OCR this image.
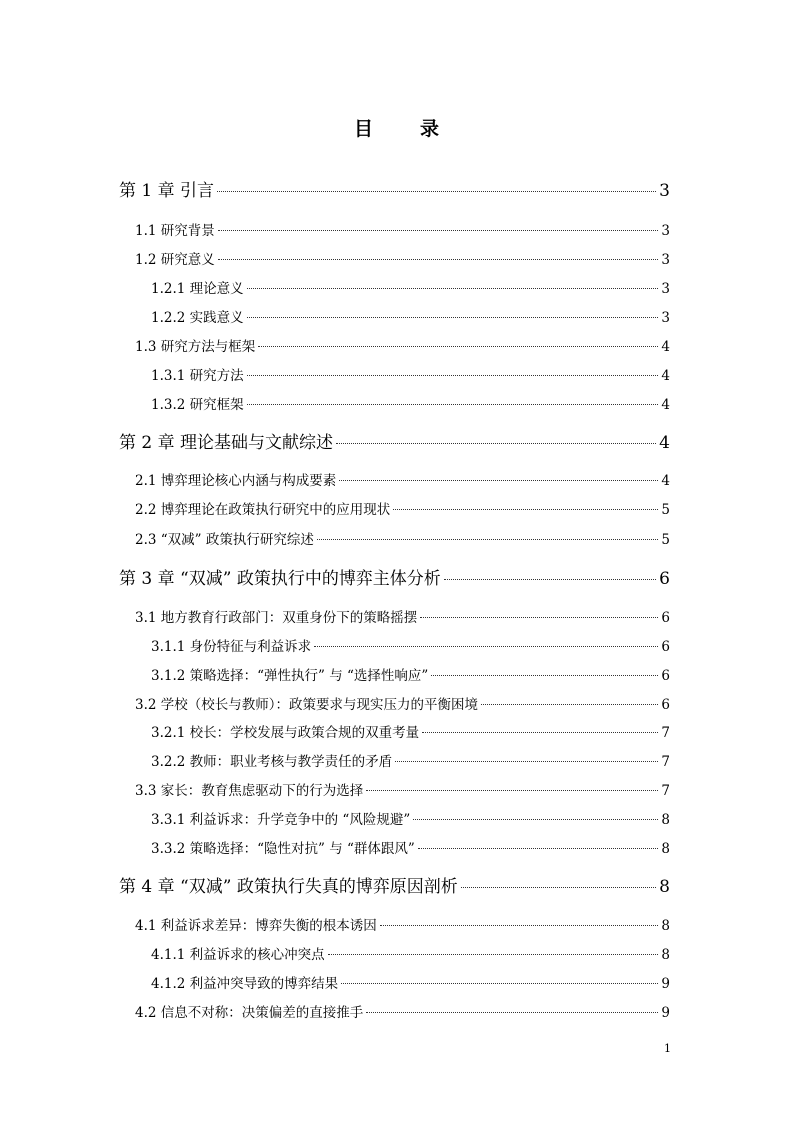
目　录
第 1 章 引言	3
1.1 研究背景	3
1.2 研究意义	3
1.2.1 理论意义	3
1.2.2 实践意义	3
1.3 研究方法与框架	4
1.3.1 研究方法	4
1.3.2 研究框架	4
第 2 章 理论基础与文献综述	4
2.1 博弈理论核心内涵与构成要素	4
2.2 博弈理论在政策执行研究中的应用现状	5
2.3 “双减” 政策执行研究综述	5
第 3 章 “双减” 政策执行中的博弈主体分析	6
3.1 地方教育行政部门：双重身份下的策略摇摆	6
3.1.1 身份特征与利益诉求	6
3.1.2 策略选择：“弹性执行” 与 “选择性响应”	6
3.2 学校（校长与教师）：政策要求与现实压力的平衡困境	6
3.2.1 校长：学校发展与政策合规的双重考量	7
3.2.2 教师：职业考核与教学责任的矛盾	7
3.3 家长：教育焦虑驱动下的行为选择	7
3.3.1 利益诉求：升学竞争中的 “风险规避”	8
3.3.2 策略选择：“隐性对抗” 与 “群体跟风”	8
第 4 章 “双减” 政策执行失真的博弈原因剖析	8
4.1 利益诉求差异：博弈失衡的根本诱因	8
4.1.1 利益诉求的核心冲突点	8
4.1.2 利益冲突导致的博弈结果	9
4.2 信息不对称：决策偏差的直接推手	9
1
